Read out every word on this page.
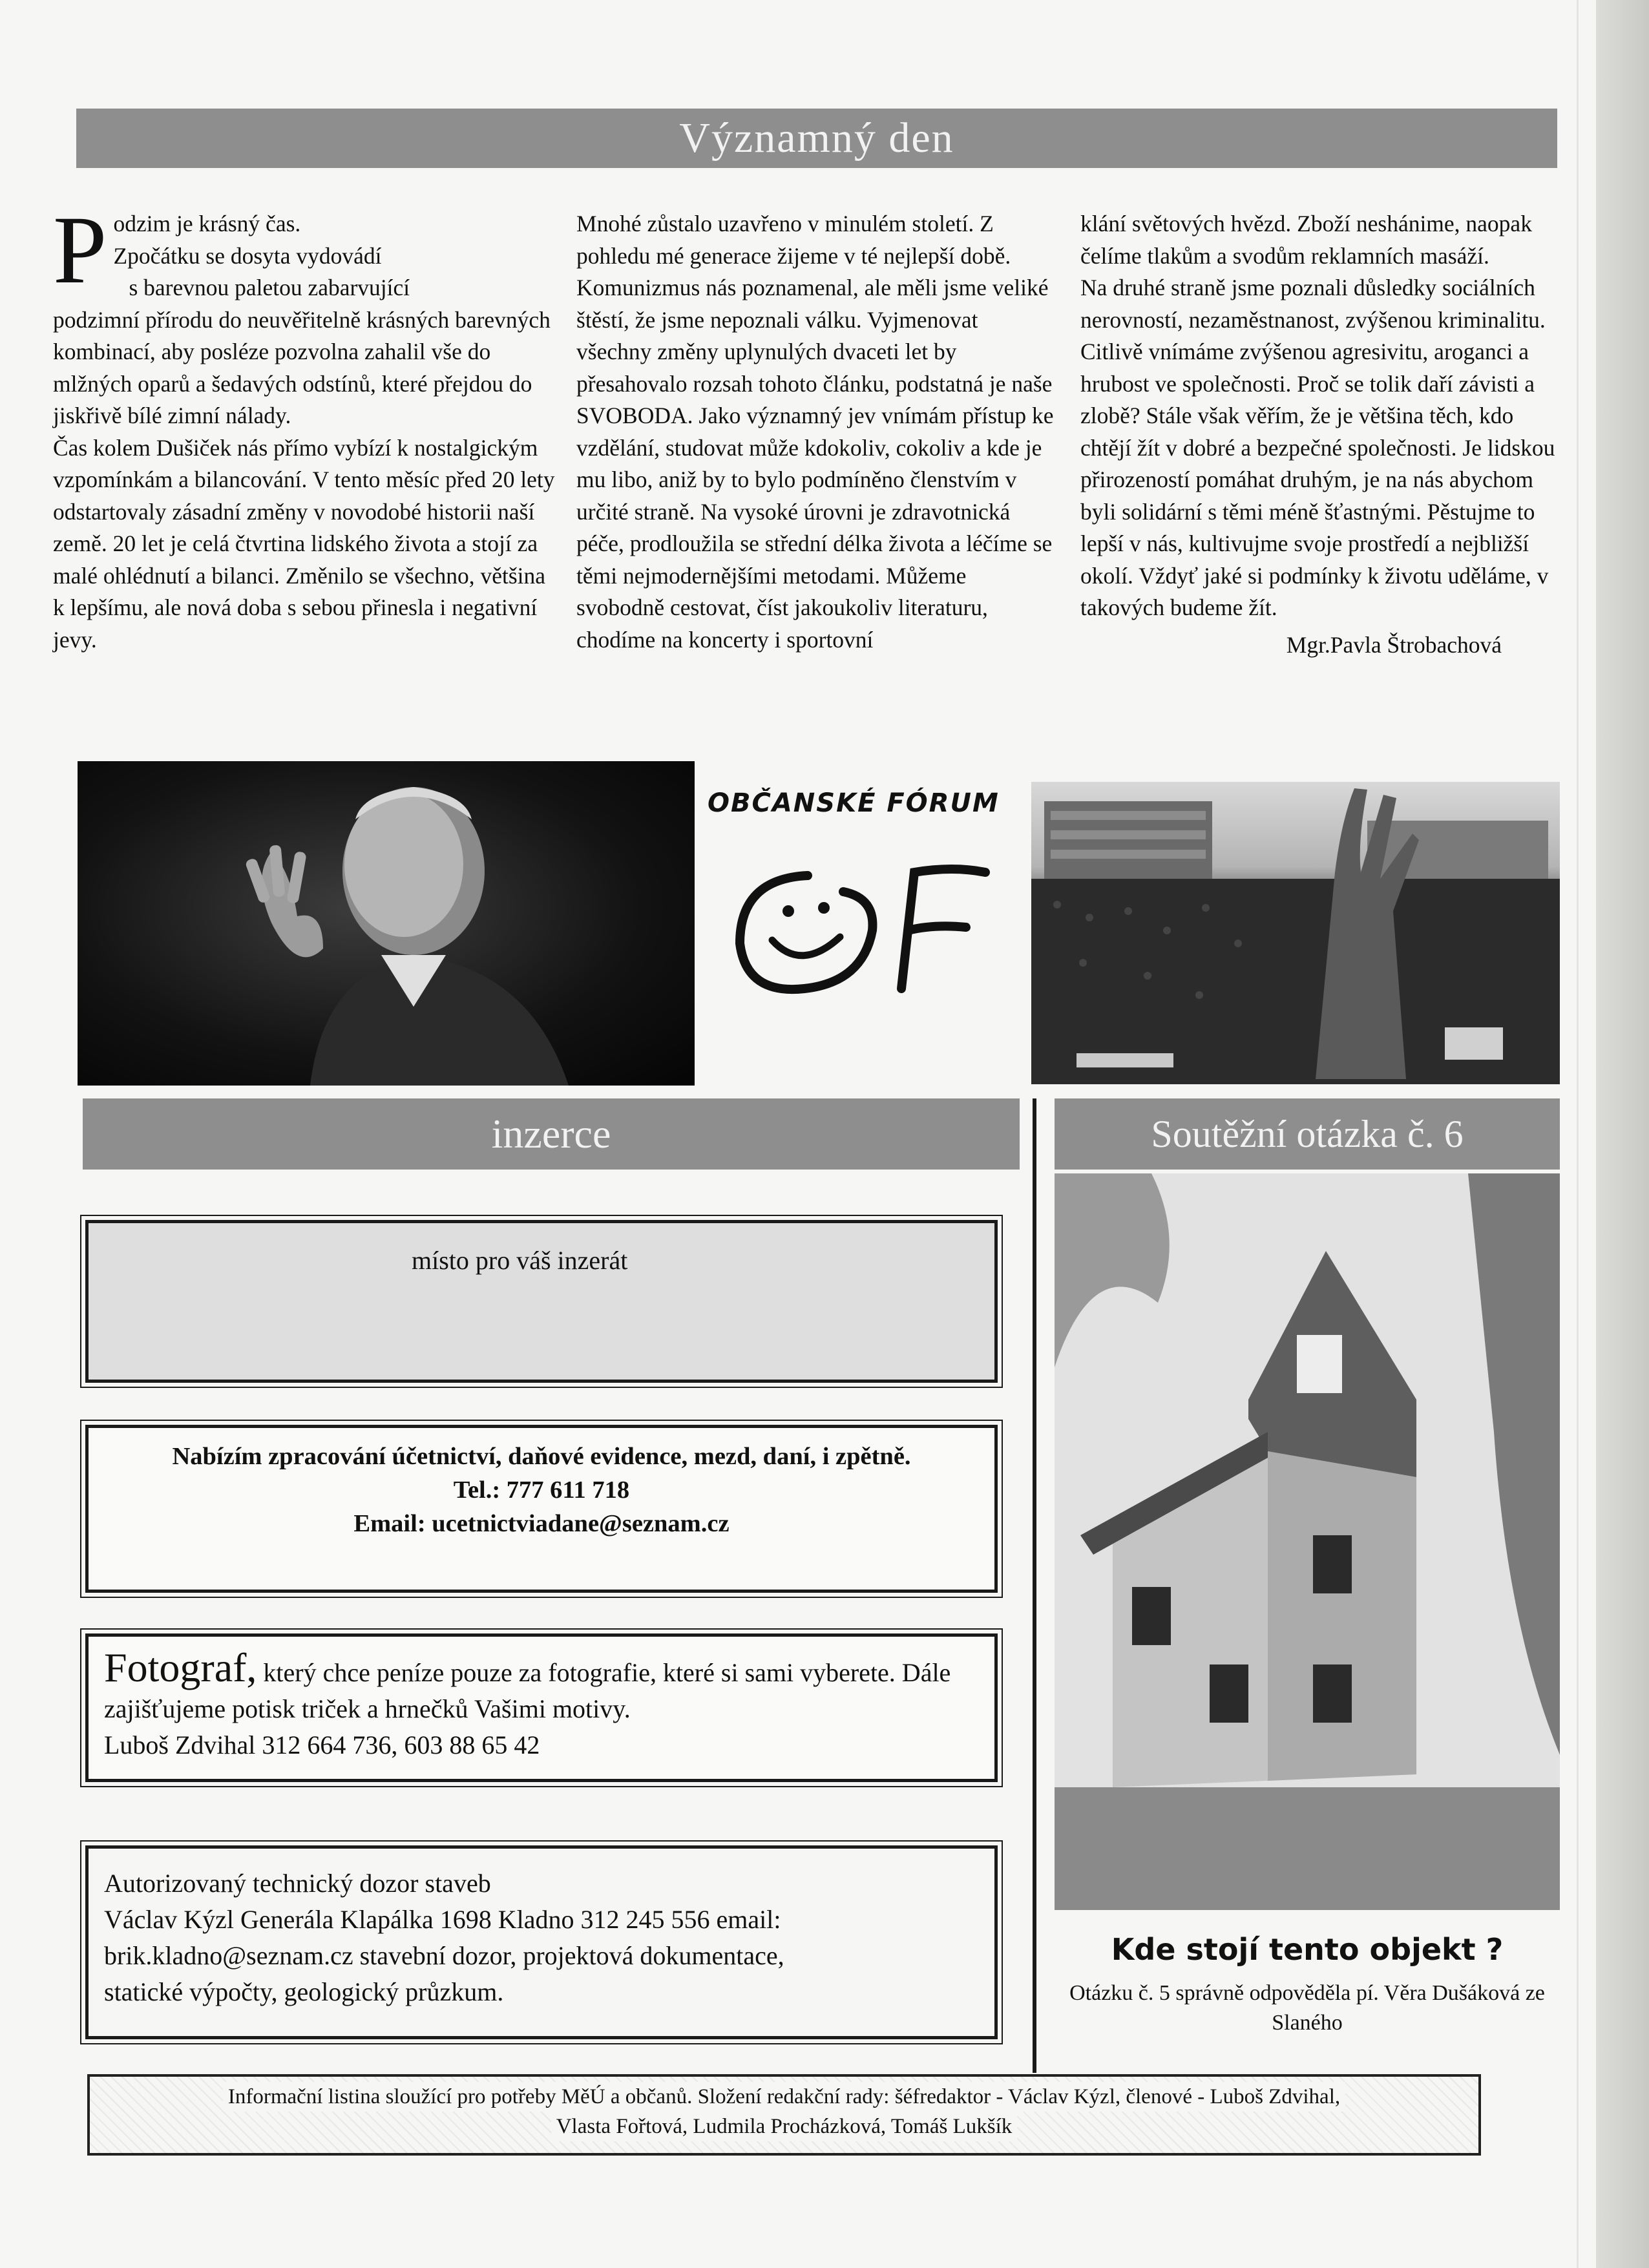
Významný den

P odzim je krásný čas.
Zpočátku se dosyta vydovádí
s barevnou paletou zabarvující
podzimní přírodu do neuvěřitelně krásných barevných kombinací, aby posléze pozvolna zahalil vše do mlžných oparů a šedavých odstínů, které přejdou do jiskřivě bílé zimní nálady.

Čas kolem Dušiček nás přímo vybízí k nostalgickým vzpomínkám a bilancování. V tento měsíc před 20 lety odstartovaly zásadní změny v novodobé historii naší země. 20 let je celá čtvrtina lidského života a stojí za malé ohlédnutí a bilanci. Změnilo se všechno, většina k lepšímu, ale nová doba s sebou přinesla i negativní jevy.

Mnohé zůstalo uzavřeno v minulém století. Z pohledu mé generace žijeme v té nejlepší době. Komunizmus nás poznamenal, ale měli jsme veliké štěstí, že jsme nepoznali válku. Vyjmenovat všechny změny uplynulých dvaceti let by přesahovalo rozsah tohoto článku, podstatná je naše SVOBODA. Jako významný jev vnímám přístup ke vzdělání, studovat může kdokoliv, cokoliv a kde je mu libo, aniž by to bylo podmíněno členstvím v určité straně. Na vysoké úrovni je zdravotnická péče, prodloužila se střední délka života a léčíme se těmi nejmodernějšími metodami. Můžeme svobodně cestovat, číst jakoukoliv literaturu, chodíme na koncerty i sportovní

klání světových hvězd. Zboží neshánime, naopak čelíme tlakům a svodům reklamních masáží.

Na druhé straně jsme poznali důsledky sociálních nerovností, nezaměstnanost, zvýšenou kriminalitu. Citlivě vnímáme zvýšenou agresivitu, aroganci a hrubost ve společnosti. Proč se tolik daří závisti a zlobě? Stále však věřím, že je většina těch, kdo chtějí žít v dobré a bezpečné společnosti. Je lidskou přirozeností pomáhat druhým, je na nás abychom byli solidární s těmi méně šťastnými. Pěstujme to lepší v nás, kultivujme svoje prostředí a nejbližší okolí. Vždyť jaké si podmínky k životu uděláme, v takových budeme žít.

Mgr.Pavla Štrobachová

OBČANSKÉ FÓRUM
inzerce	Soutěžní otázka č. 6
místo pro váš inzerát
Nabízím zpracování účetnictví, daňové evidence, mezd, daní, i zpětně.
Tel.: 777 611 718
Email: ucetnictviadane@seznam.cz
Fotograf, který chce peníze pouze za fotografie, které si sami vyberete. Dále zajišťujeme potisk triček a hrnečků Vašimi motivy.
Luboš Zdvihal 312 664 736, 603 88 65 42
Autorizovaný technický dozor staveb
Václav Kýzl Generála Klapálka 1698 Kladno 312 245 556 email:
brik.kladno@seznam.cz stavební dozor, projektová dokumentace,
statické výpočty, geologický průzkum.
Kde stojí tento objekt ?
Otázku č. 5 správně odpověděla pí. Věra Dušáková ze Slaného
Informační listina sloužící pro potřeby MěÚ a občanů. Složení redakční rady: šéfredaktor - Václav Kýzl, členové - Luboš Zdvihal,
Vlasta Fořtová, Ludmila Procházková, Tomáš Lukšík
